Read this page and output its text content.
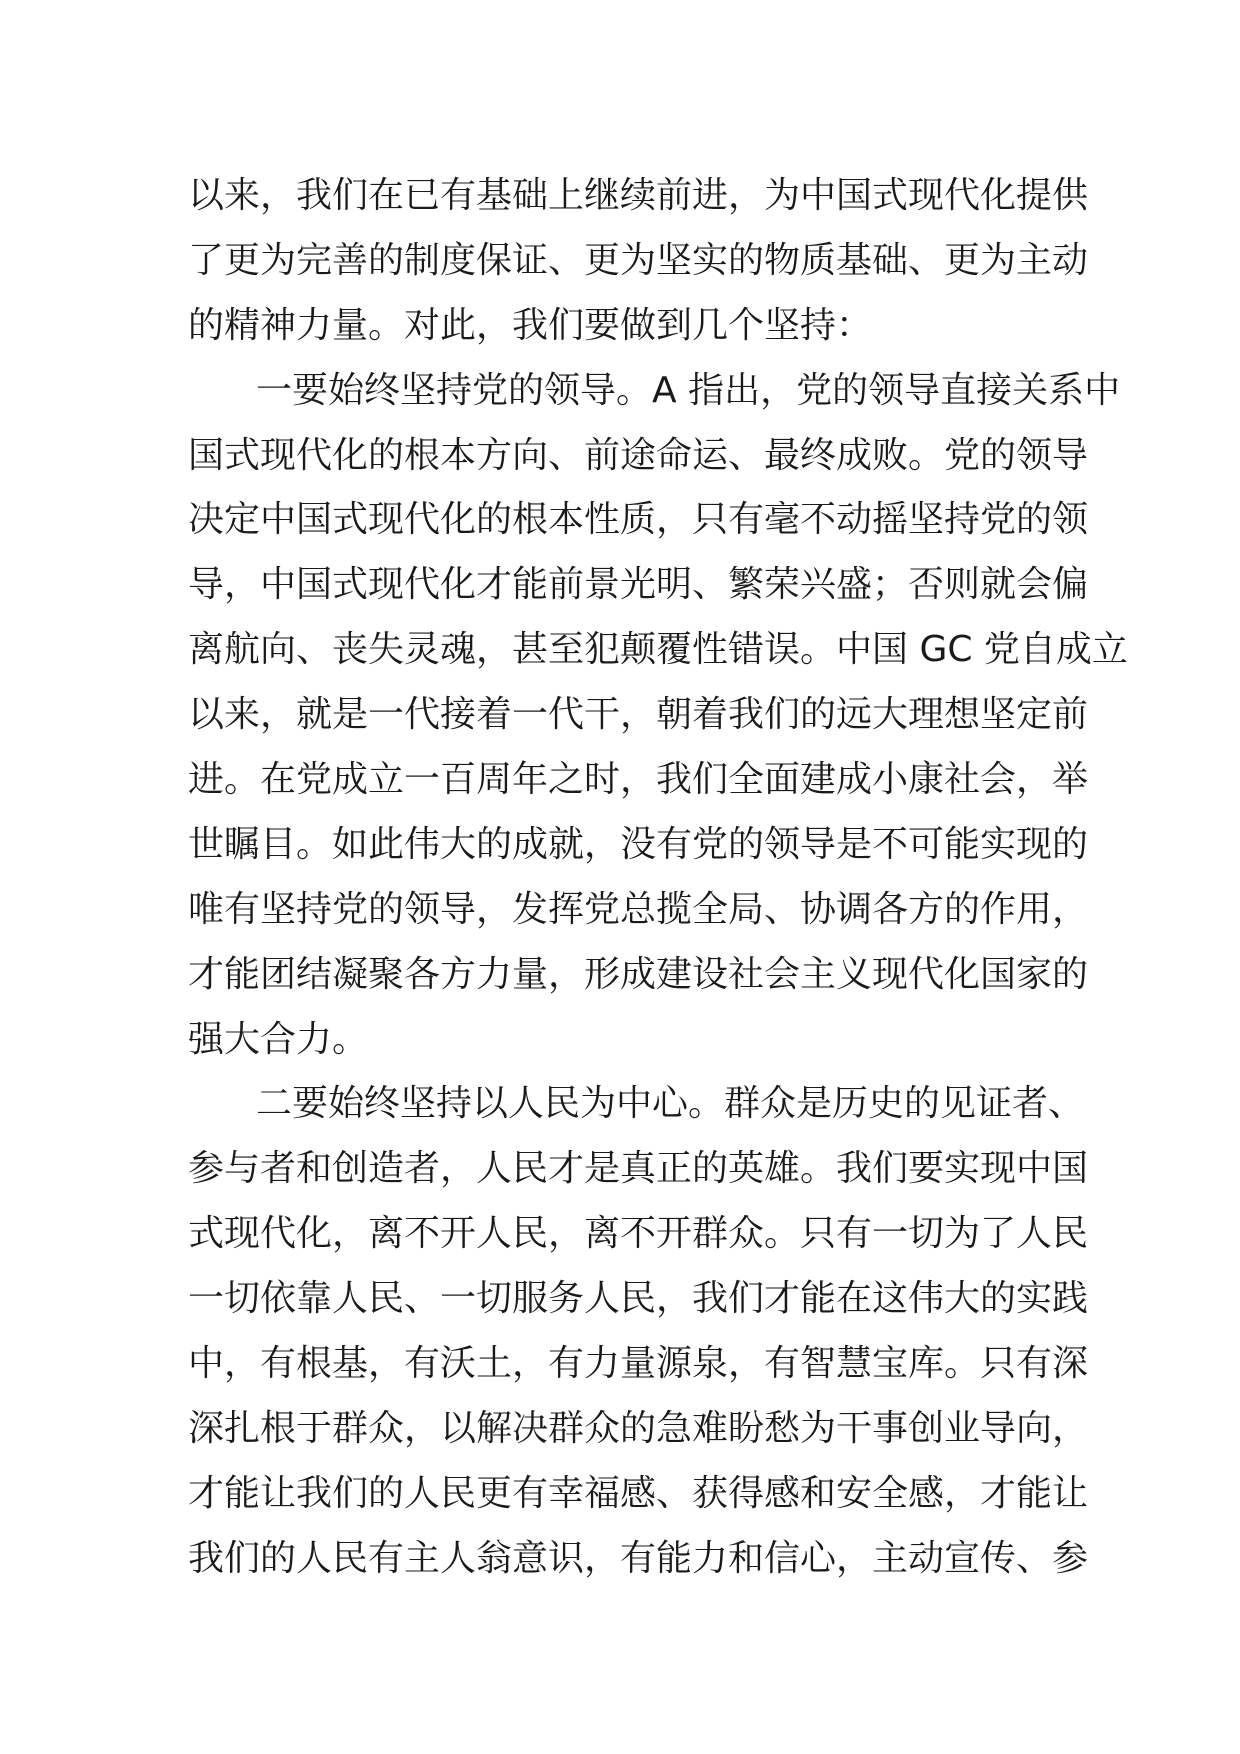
以来，我们在已有基础上继续前进，为中国式现代化提供
了更为完善的制度保证、更为坚实的物质基础、更为主动
的精神力量。对此，我们要做到几个坚持：
一要始终坚持党的领导。A 指出，党的领导直接关系中
国式现代化的根本方向、前途命运、最终成败。党的领导
决定中国式现代化的根本性质，只有毫不动摇坚持党的领
导，中国式现代化才能前景光明、繁荣兴盛；否则就会偏
离航向、丧失灵魂，甚至犯颠覆性错误。中国 GC 党自成立
以来，就是一代接着一代干，朝着我们的远大理想坚定前
进。在党成立一百周年之时，我们全面建成小康社会，举
世瞩目。如此伟大的成就，没有党的领导是不可能实现的
唯有坚持党的领导，发挥党总揽全局、协调各方的作用，
才能团结凝聚各方力量，形成建设社会主义现代化国家的
强大合力。
二要始终坚持以人民为中心。群众是历史的见证者、
参与者和创造者，人民才是真正的英雄。我们要实现中国
式现代化，离不开人民，离不开群众。只有一切为了人民
一切依靠人民、一切服务人民，我们才能在这伟大的实践
中，有根基，有沃土，有力量源泉，有智慧宝库。只有深
深扎根于群众，以解决群众的急难盼愁为干事创业导向，
才能让我们的人民更有幸福感、获得感和安全感，才能让
我们的人民有主人翁意识，有能力和信心，主动宣传、参
